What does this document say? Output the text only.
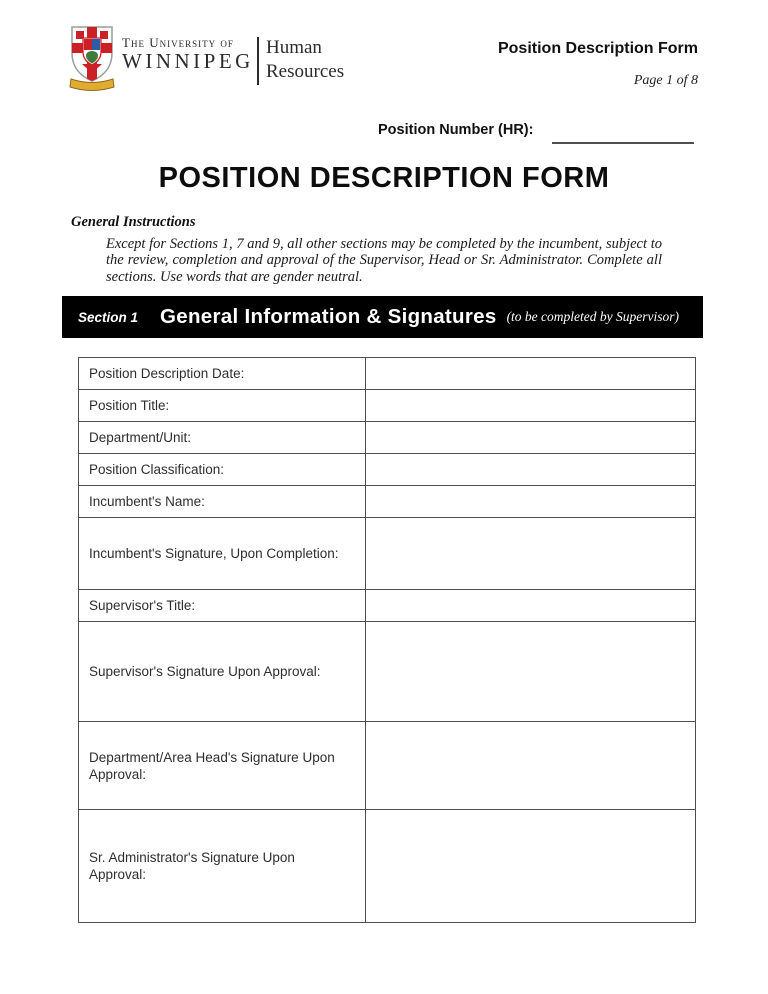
The University of
WINNIPEG
Human
Resources
Position Description Form
Page 1 of 8
Position Number (HR):
POSITION DESCRIPTION FORM
General Instructions
Except for Sections 1, 7 and 9, all other sections may be completed by the incumbent, subject to the review, completion and approval of the Supervisor, Head or Sr. Administrator. Complete all sections. Use words that are gender neutral.
Section 1 General Information & Signatures (to be completed by Supervisor)
Position Description Date:
Position Title:
Department/Unit:
Position Classification:
Incumbent's Name:
Incumbent's Signature, Upon Completion:
Supervisor's Title:
Supervisor's Signature Upon Approval:
Department/Area Head's Signature Upon Approval:
Sr. Administrator's Signature Upon Approval:
